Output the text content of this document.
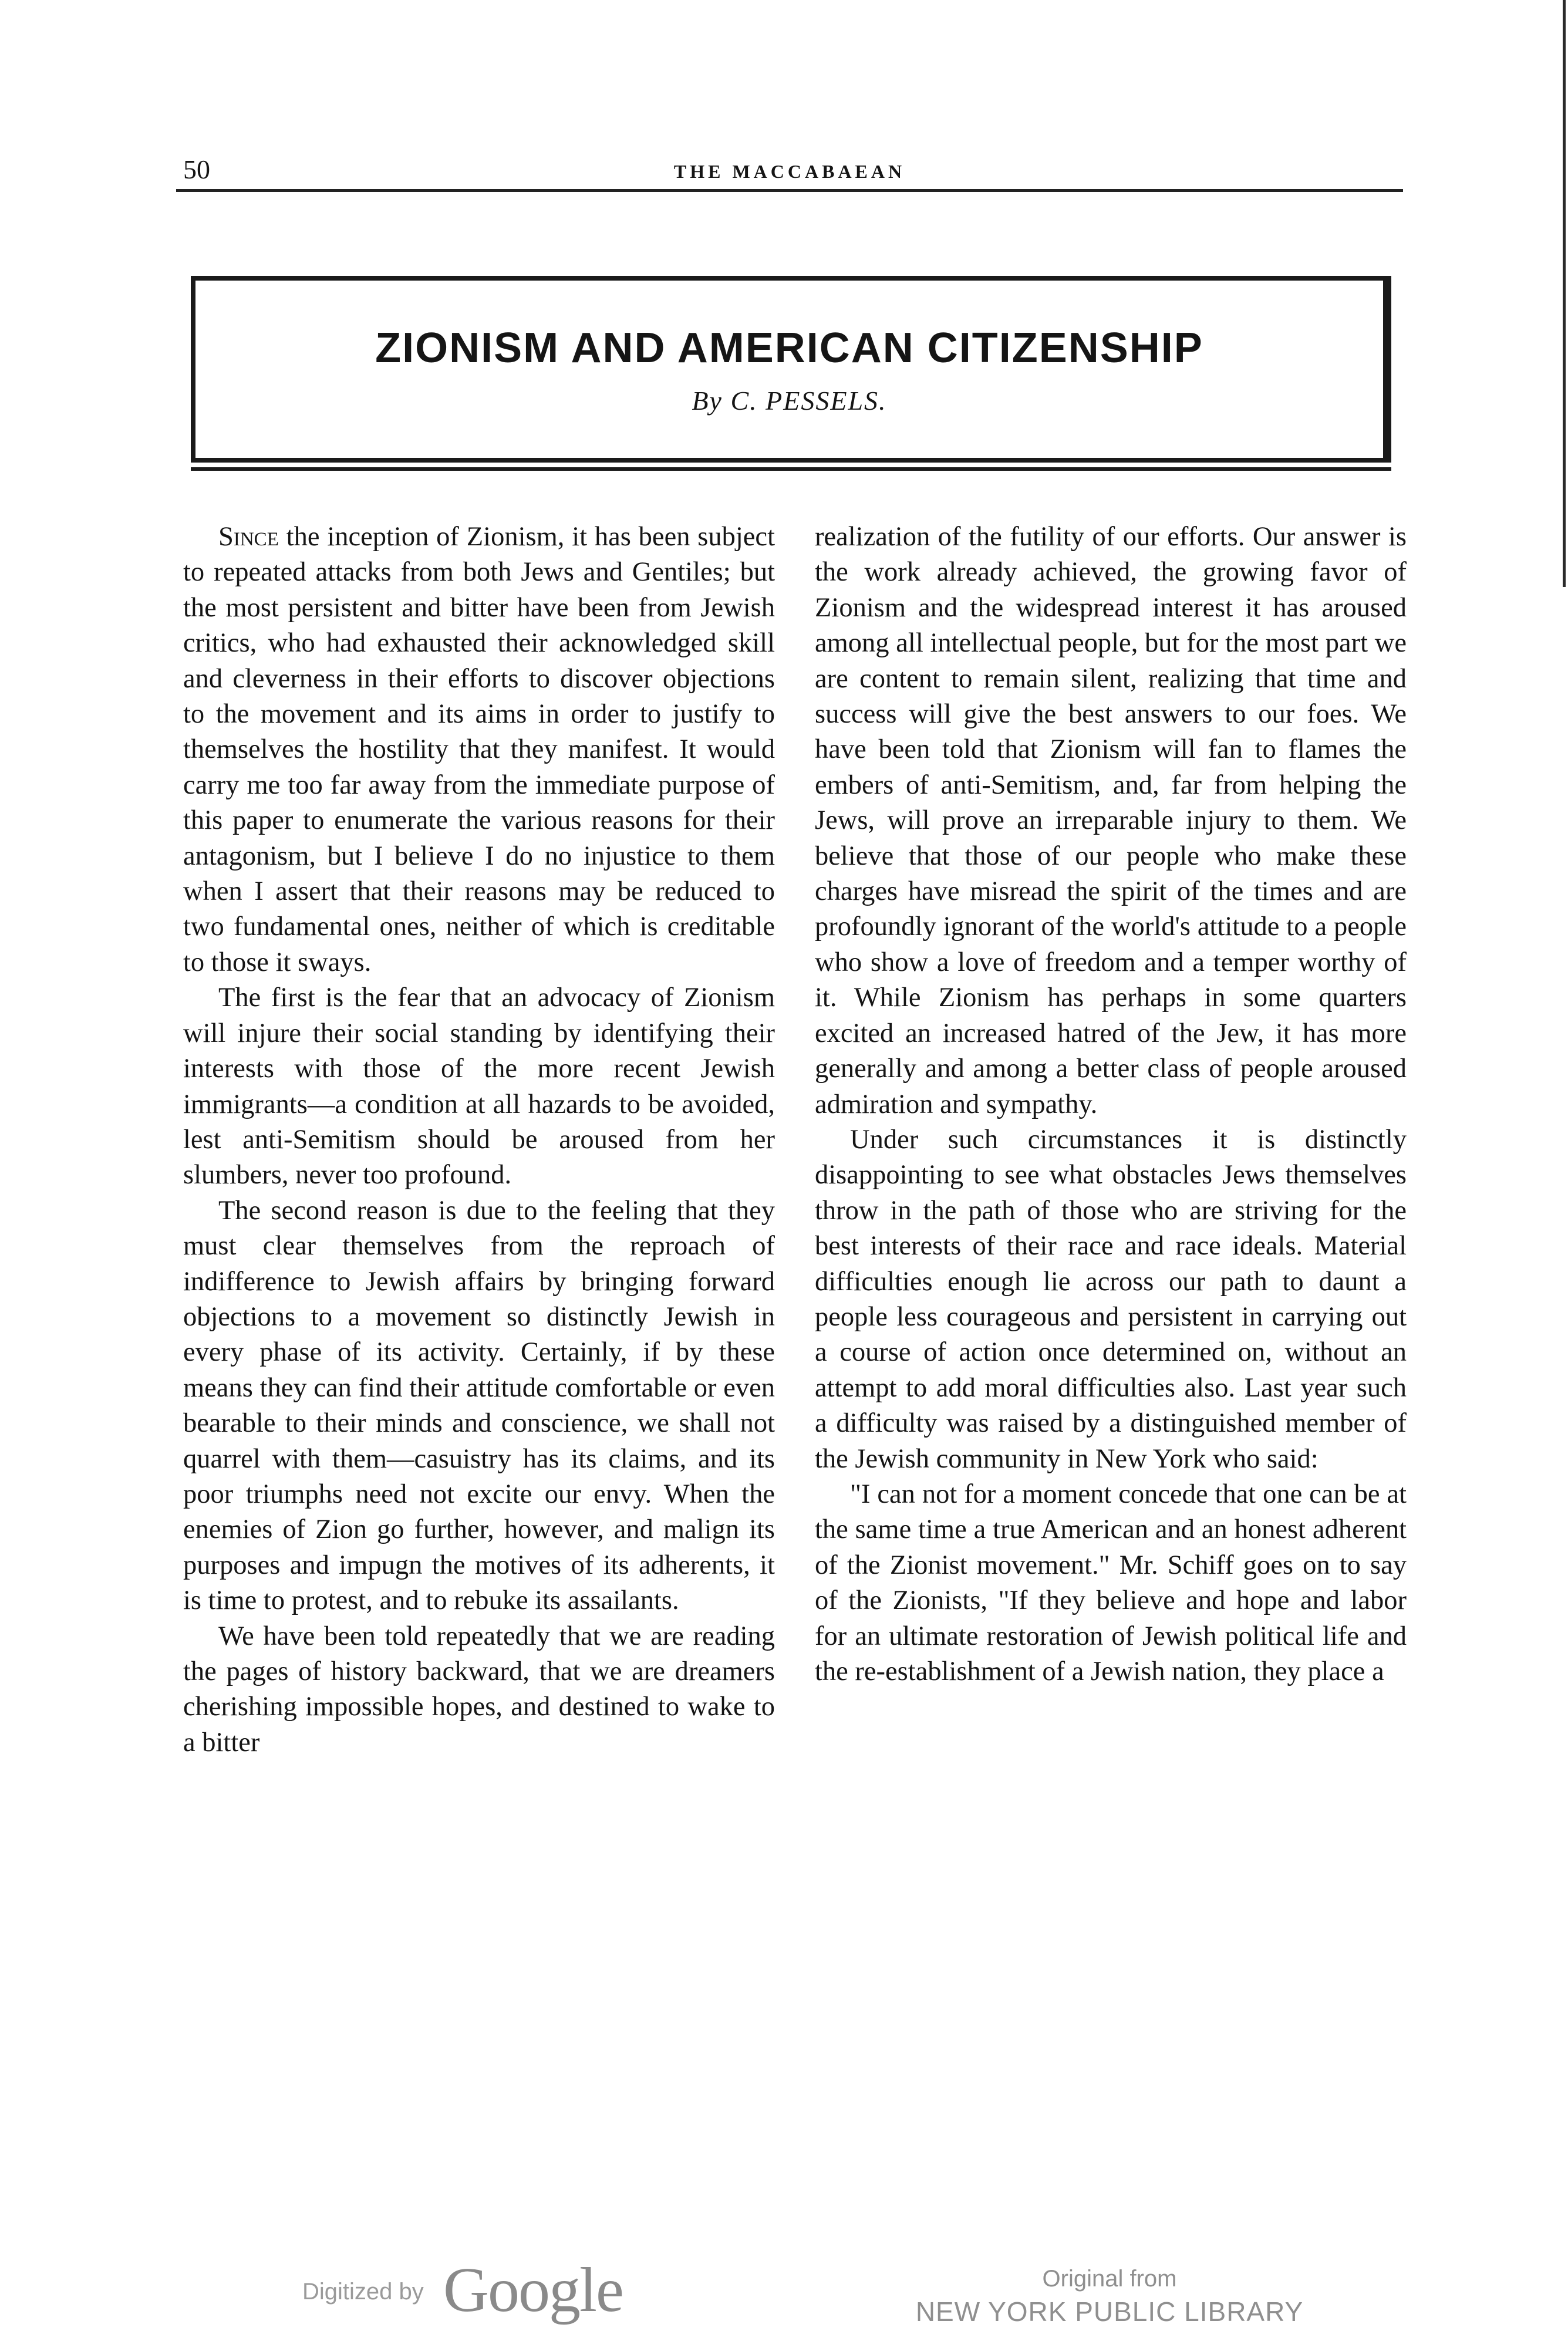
50	THE MACCABAEAN
ZIONISM AND AMERICAN CITIZENSHIP
By C. PESSELS.

Since the inception of Zionism, it has been subject to repeated attacks from both Jews and Gentiles; but the most persistent and bitter have been from Jewish critics, who had exhausted their acknowledged skill and cleverness in their efforts to discover objections to the movement and its aims in order to justify to themselves the hostility that they manifest. It would carry me too far away from the immediate purpose of this paper to enumerate the various reasons for their antagonism, but I believe I do no injustice to them when I assert that their reasons may be reduced to two fundamental ones, neither of which is creditable to those it sways.

The first is the fear that an advocacy of Zionism will injure their social standing by identifying their interests with those of the more recent Jewish immigrants—a condition at all hazards to be avoided, lest anti-Semitism should be aroused from her slumbers, never too profound.

The second reason is due to the feeling that they must clear themselves from the reproach of indifference to Jewish affairs by bringing forward objections to a movement so distinctly Jewish in every phase of its activity. Certainly, if by these means they can find their attitude comfortable or even bearable to their minds and conscience, we shall not quarrel with them—casuistry has its claims, and its poor triumphs need not excite our envy. When the enemies of Zion go further, however, and malign its purposes and impugn the motives of its adherents, it is time to protest, and to rebuke its assailants.

We have been told repeatedly that we are reading the pages of history backward, that we are dreamers cherishing impossible hopes, and destined to wake to a bitter

realization of the futility of our efforts. Our answer is the work already achieved, the growing favor of Zionism and the widespread interest it has aroused among all intellectual people, but for the most part we are content to remain silent, realizing that time and success will give the best answers to our foes. We have been told that Zionism will fan to flames the embers of anti-Semitism, and, far from helping the Jews, will prove an irreparable injury to them. We believe that those of our people who make these charges have misread the spirit of the times and are profoundly ignorant of the world's attitude to a people who show a love of freedom and a temper worthy of it. While Zionism has perhaps in some quarters excited an increased hatred of the Jew, it has more generally and among a better class of people aroused admiration and sympathy.

Under such circumstances it is distinctly disappointing to see what obstacles Jews themselves throw in the path of those who are striving for the best interests of their race and race ideals. Material difficulties enough lie across our path to daunt a people less courageous and persistent in carrying out a course of action once determined on, without an attempt to add moral difficulties also. Last year such a difficulty was raised by a distinguished member of the Jewish community in New York who said:

"I can not for a moment concede that one can be at the same time a true American and an honest adherent of the Zionist movement." Mr. Schiff goes on to say of the Zionists, "If they believe and hope and labor for an ultimate restoration of Jewish political life and the re-establishment of a Jewish nation, they place a

Digitized by Google	Original from
NEW YORK PUBLIC LIBRARY
